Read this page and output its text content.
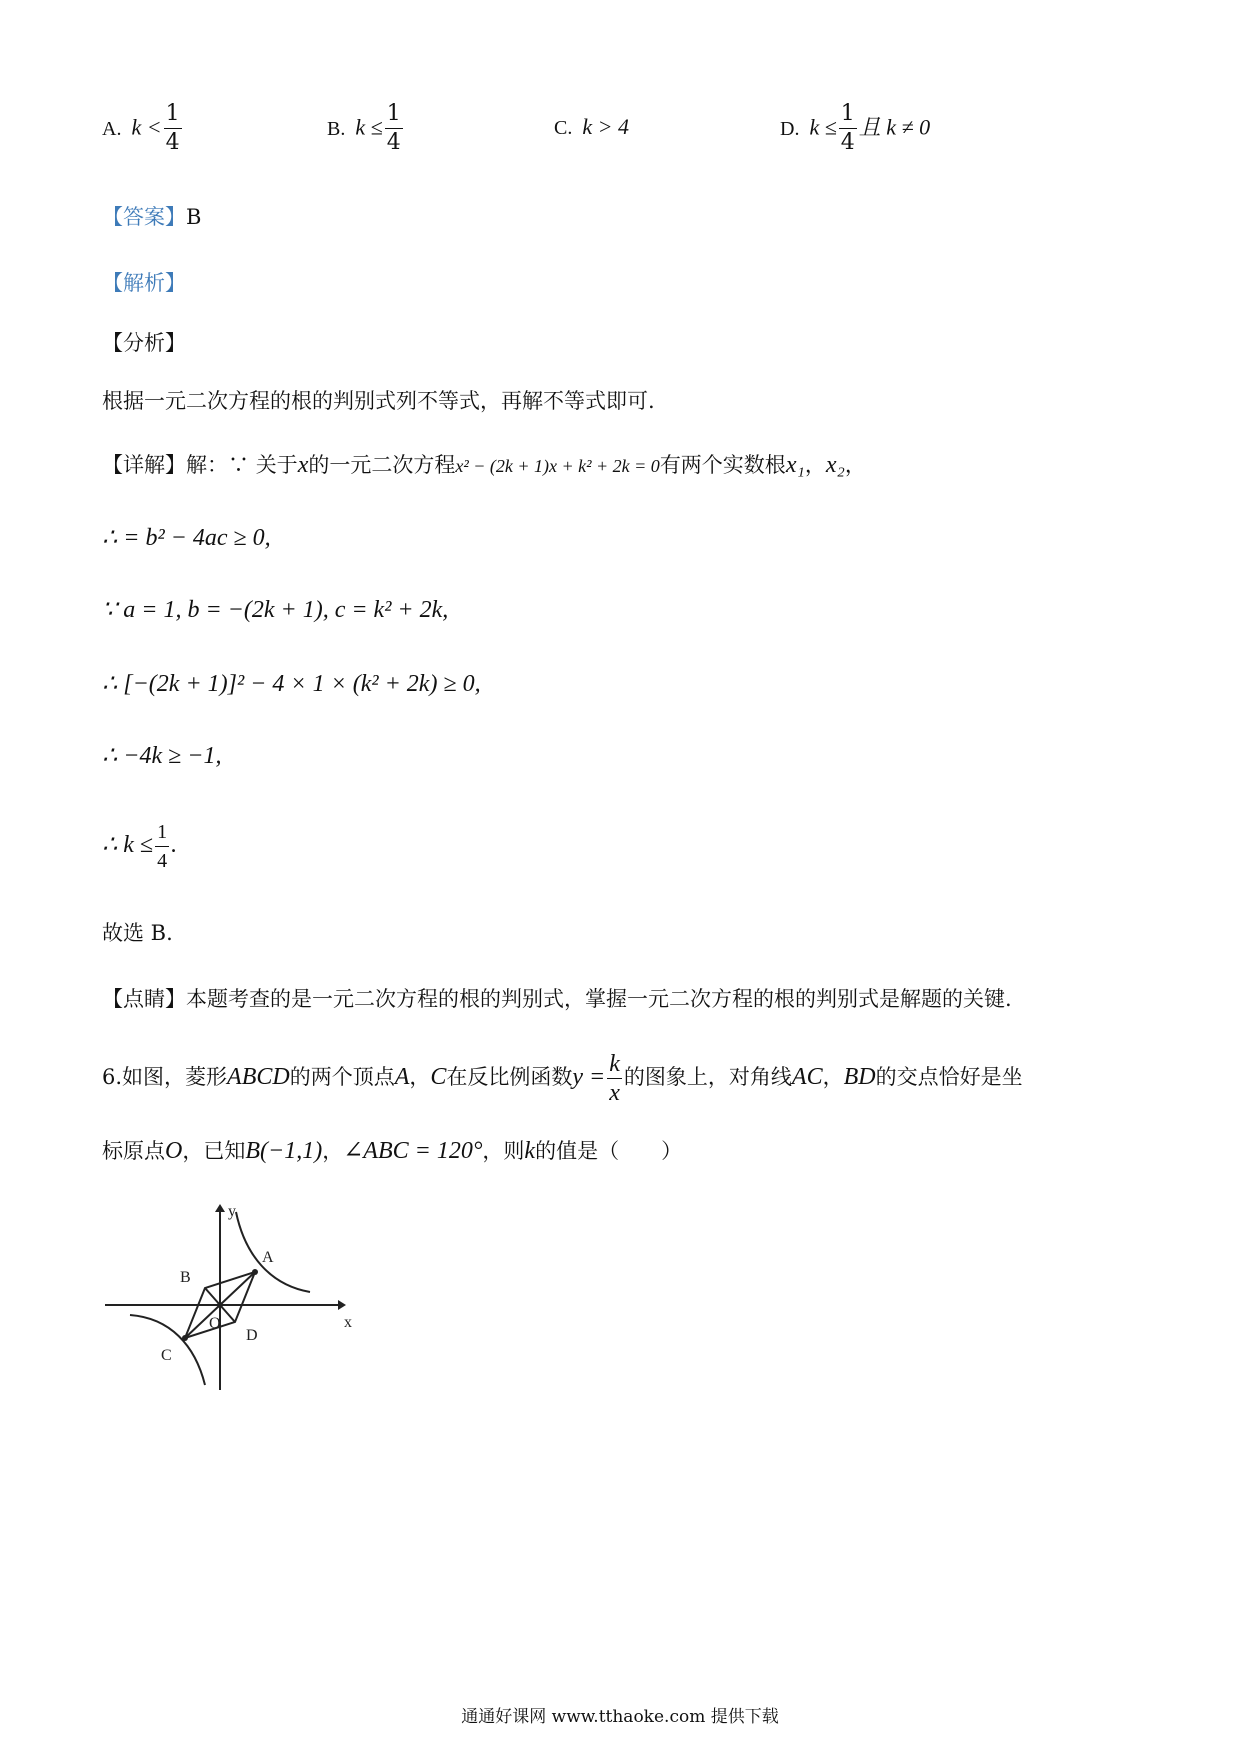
A. $k < \frac{1}{4}$	B. $k \le \frac{1}{4}$	C. k > 4	D. $k \le \frac{1}{4}$ 且 k ≠ 0
【答案】B
【解析】
【分析】
根据一元二次方程的根的判别式列不等式，再解不等式即可.
【详解】解：∵ 关于x的一元二次方程x² − (2k + 1)x + k² + 2k = 0有两个实数根x₁，x₂，
∴ = b² − 4ac ≥ 0,
∵ a = 1, b = −(2k + 1), c = k² + 2k,
∴ [−(2k + 1)]² − 4 × 1 × (k² + 2k) ≥ 0,
∴ −4k ≥ −1,
∴ $k \le \frac{1}{4}$ .
故选 B.
【点睛】本题考查的是一元二次方程的根的判别式，掌握一元二次方程的根的判别式是解题的关键.
6.如图，菱形ABCD的两个顶点A，C在反比例函数$y = \frac{k}{x}$ 的图象上，对角线AC，BD的交点恰好是坐
标原点O，已知B(−1,1)，∠ABC = 120°，则k的值是（　　）
y
x
A
B
C
D
O
通通好课网 www.tthaoke.com 提供下载
